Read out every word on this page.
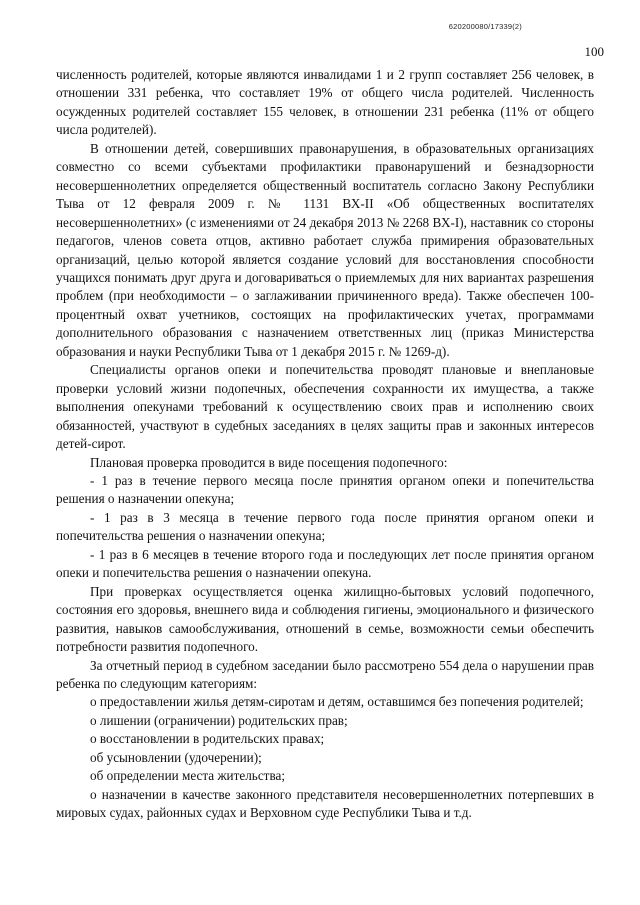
620200080/17339(2)
100

численность родителей, которые являются инвалидами 1 и 2 групп составляет 256 человек, в отношении 331 ребенка, что составляет 19% от общего числа родителей. Численность осужденных родителей составляет 155 человек, в отношении 231 ребенка (11% от общего числа родителей).

В отношении детей, совершивших правонарушения, в образовательных организациях совместно со всеми субъектами профилактики правонарушений и безнадзорности несовершеннолетних определяется общественный воспитатель согласно Закону Республики Тыва от 12 февраля 2009 г. № 1131 ВХ-II «Об общественных воспитателях несовершеннолетних» (с изменениями от 24 декабря 2013 № 2268 ВХ-I), наставник со стороны педагогов, членов совета отцов, активно работает служба примирения образовательных организаций, целью которой является создание условий для восстановления способности учащихся понимать друг друга и договариваться о приемлемых для них вариантах разрешения проблем (при необходимости – о заглаживании причиненного вреда). Также обеспечен 100-процентный охват учетников, состоящих на профилактических учетах, программами дополнительного образования с назначением ответственных лиц (приказ Министерства образования и науки Республики Тыва от 1 декабря 2015 г. № 1269-д).

Специалисты органов опеки и попечительства проводят плановые и внеплановые проверки условий жизни подопечных, обеспечения сохранности их имущества, а также выполнения опекунами требований к осуществлению своих прав и исполнению своих обязанностей, участвуют в судебных заседаниях в целях защиты прав и законных интересов детей-сирот.

Плановая проверка проводится в виде посещения подопечного:

- 1 раз в течение первого месяца после принятия органом опеки и попечительства решения о назначении опекуна;

- 1 раз в 3 месяца в течение первого года после принятия органом опеки и попечительства решения о назначении опекуна;

- 1 раз в 6 месяцев в течение второго года и последующих лет после принятия органом опеки и попечительства решения о назначении опекуна.

При проверках осуществляется оценка жилищно-бытовых условий подопечного, состояния его здоровья, внешнего вида и соблюдения гигиены, эмоционального и физического развития, навыков самообслуживания, отношений в семье, возможности семьи обеспечить потребности развития подопечного.

За отчетный период в судебном заседании было рассмотрено 554 дела о нарушении прав ребенка по следующим категориям:

о предоставлении жилья детям-сиротам и детям, оставшимся без попечения родителей;

о лишении (ограничении) родительских прав;

о восстановлении в родительских правах;

об усыновлении (удочерении);

об определении места жительства;

о назначении в качестве законного представителя несовершеннолетних потерпевших в мировых судах, районных судах и Верховном суде Республики Тыва и т.д.
